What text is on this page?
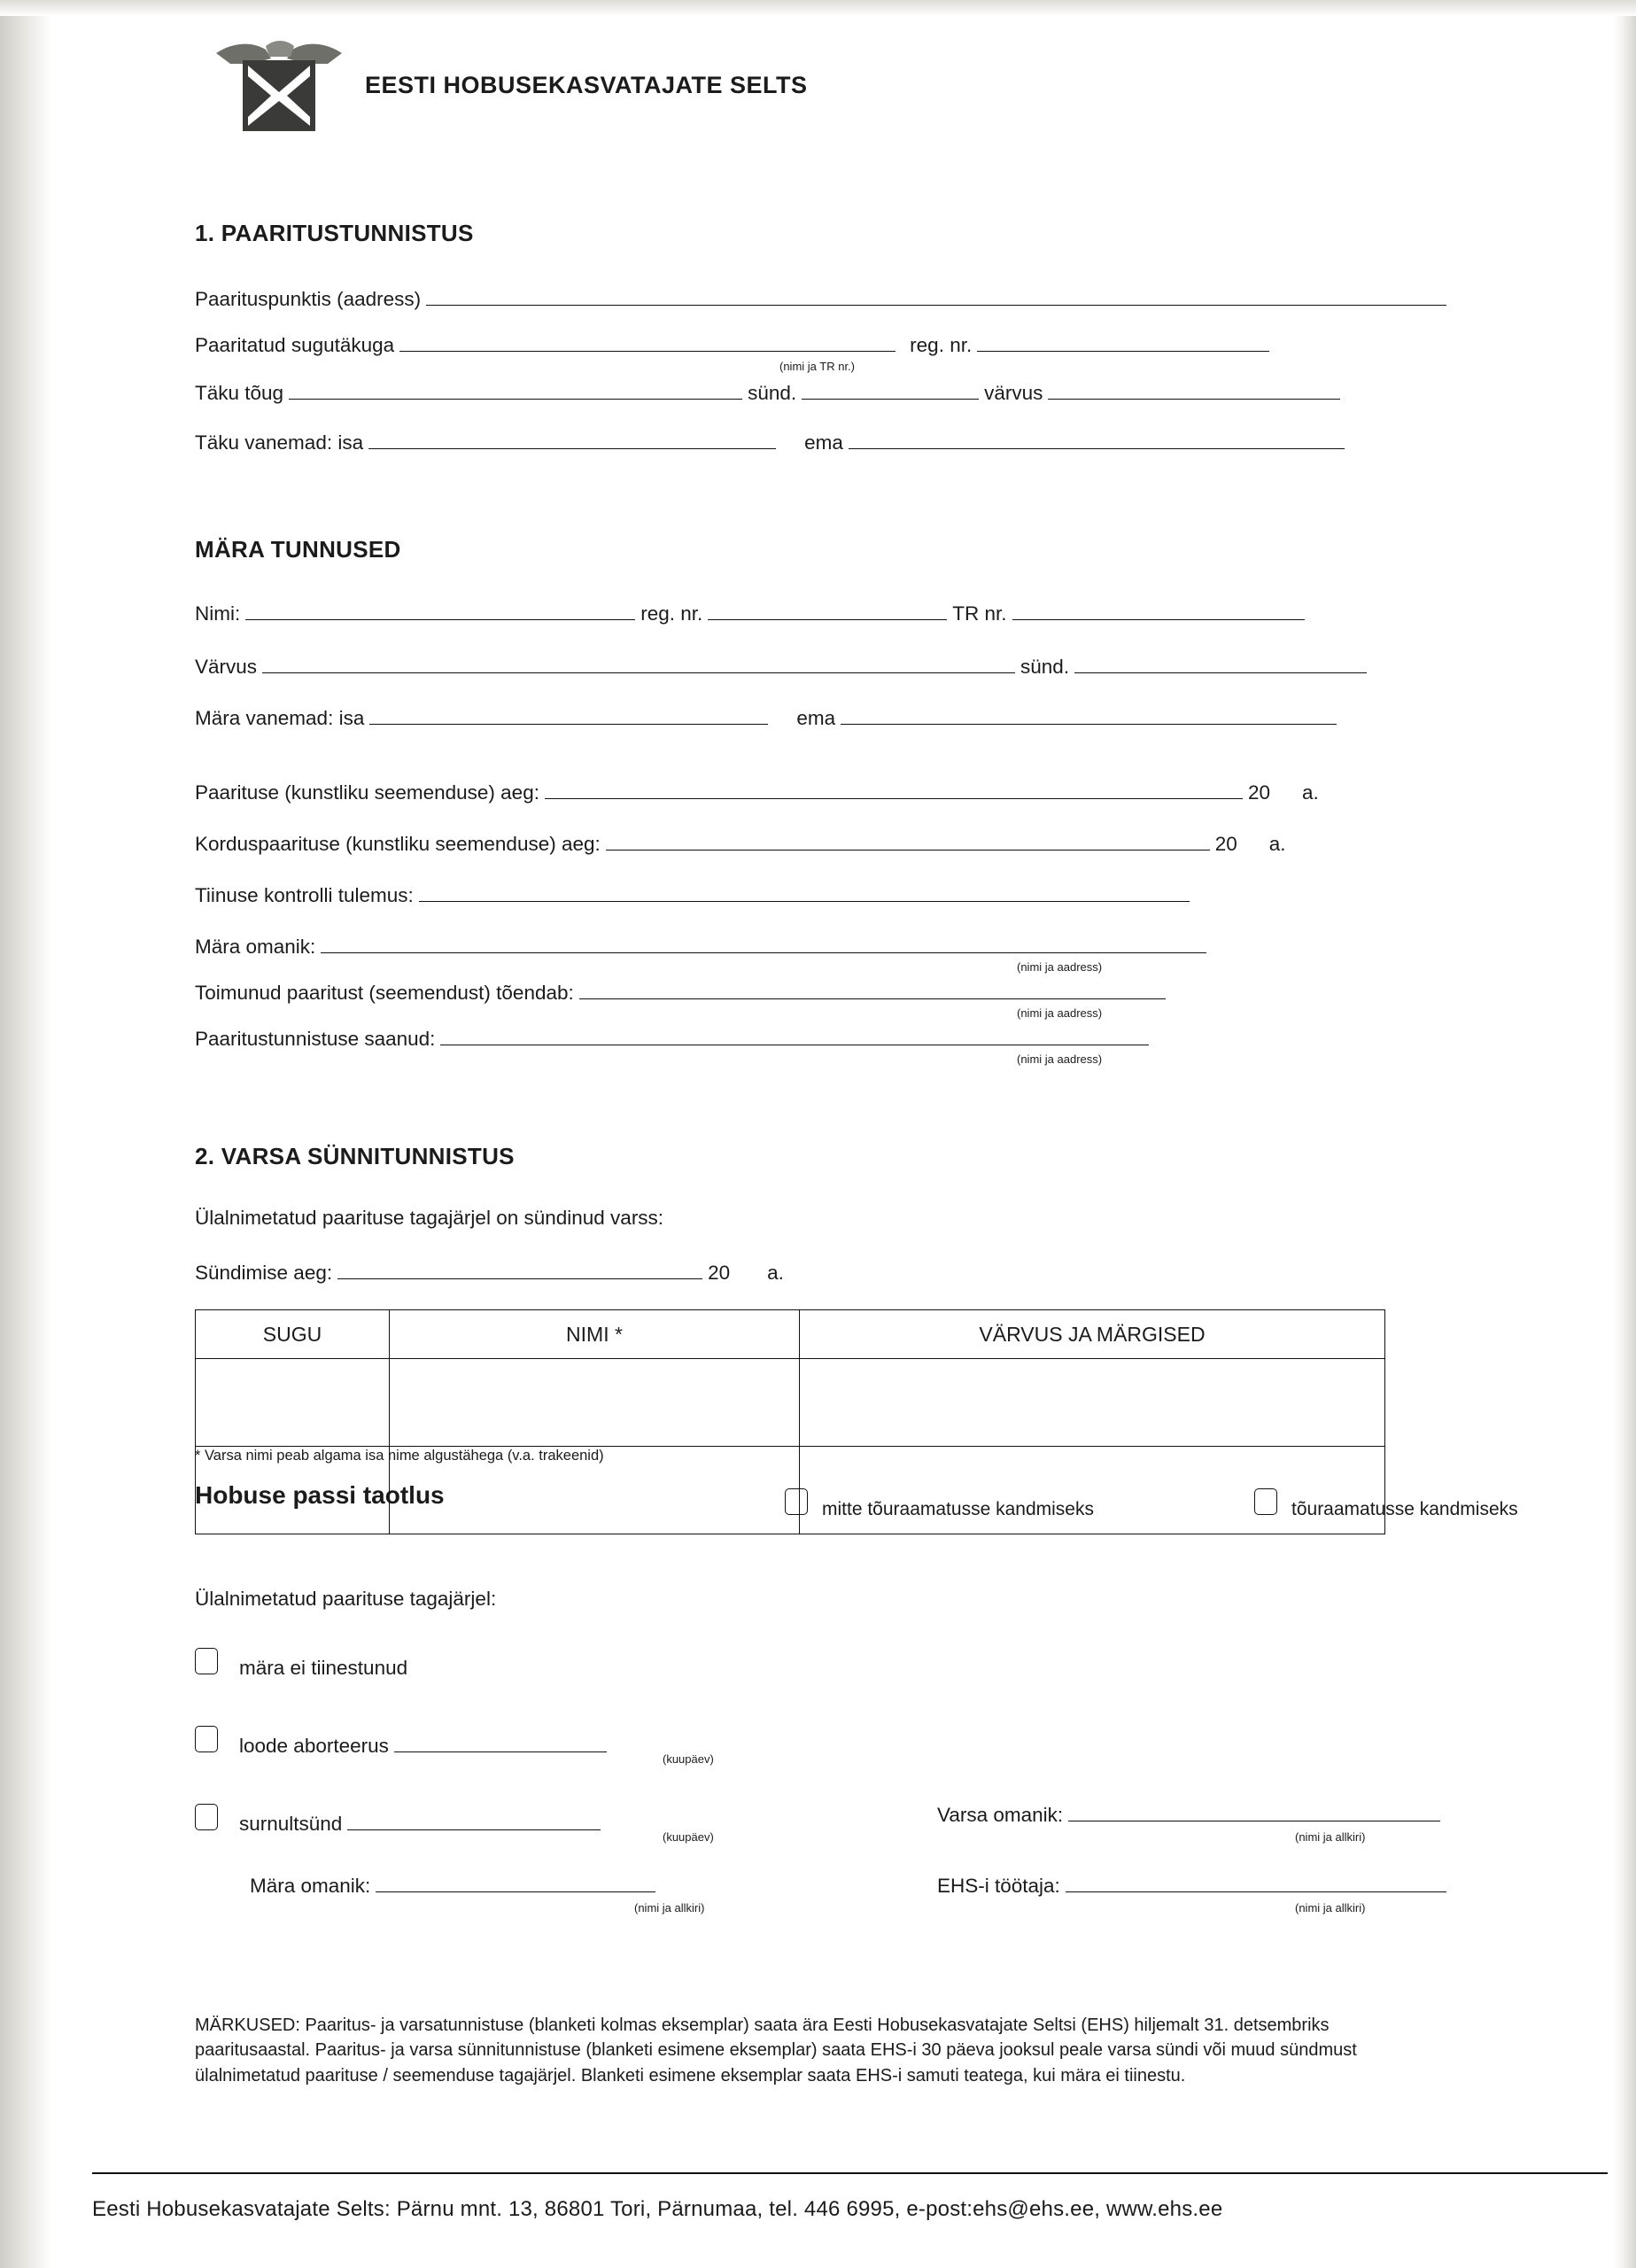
EESTI HOBUSEKASVATAJATE SELTS
1. PAARITUSTUNNISTUS
Paarituspunktis (aadress)
Paaritatud sugutäkuga	reg. nr.
(nimi ja TR nr.)
Täku tõug	sünd.	värvus
Täku vanemad: isa	ema
MÄRA TUNNUSED
Nimi:	reg. nr.	TR nr.
Värvus	sünd.
Mära vanemad: isa	ema
Paarituse (kunstliku seemenduse) aeg:	20 a.
Korduspaarituse (kunstliku seemenduse) aeg:	20 a.
Tiinuse kontrolli tulemus:
Mära omanik:
(nimi ja aadress)
Toimunud paaritust (seemendust) tõendab:
(nimi ja aadress)
Paaritustunnistuse saanud:
(nimi ja aadress)
2. VARSA SÜNNITUNNISTUS
Ülalnimetatud paarituse tagajärjel on sündinud varss:
Sündimise aeg:	20 a.
SUGU	NIMI *	VÄRVUS JA MÄRGISED

* Varsa nimi peab algama isa nime algustähega (v.a. trakeenid)
Hobuse passi taotlus
mitte tõuraamatusse kandmiseks	tõuraamatusse kandmiseks
Ülalnimetatud paarituse tagajärjel:
mära ei tiinestunud
loode aborteerus
(kuupäev)
surnultsünd
(kuupäev)
Varsa omanik:
(nimi ja allkiri)
Mära omanik:
(nimi ja allkiri)
EHS-i töötaja:
(nimi ja allkiri)
MÄRKUSED: Paaritus- ja varsatunnistuse (blanketi kolmas eksemplar) saata ära Eesti Hobusekasvatajate Seltsi (EHS) hiljemalt 31. detsembriks paaritusaastal. Paaritus- ja varsa sünnitunnistuse (blanketi esimene eksemplar) saata EHS-i 30 päeva jooksul peale varsa sündi või muud sündmust ülalnimetatud paarituse / seemenduse tagajärjel. Blanketi esimene eksemplar saata EHS-i samuti teatega, kui mära ei tiinestu.
Eesti Hobusekasvatajate Selts: Pärnu mnt. 13, 86801 Tori, Pärnumaa, tel. 446 6995, e-post:ehs@ehs.ee, www.ehs.ee
